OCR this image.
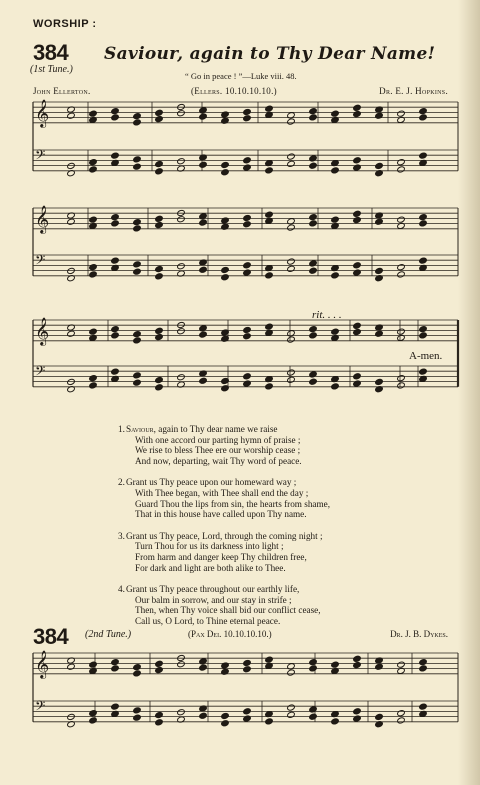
WORSHIP :
384 Saviour, again to Thy Dear Name!
(1st Tune.)
“ Go in peace ! ”—Luke viii. 48.
John Ellerton.	(Ellers. 10.10.10.10.)	Dr. E. J. Hopkins.
𝄞
𝄢
𝄞
𝄢
𝄞
𝄢
𝄞
𝄢
rit. . . .
A-men.
1. Saviour, again to Thy dear name we raise
With one accord our parting hymn of praise ;
We rise to bless Thee ere our worship cease ;
And now, departing, wait Thy word of peace.
2. Grant us Thy peace upon our homeward way ;
With Thee began, with Thee shall end the day ;
Guard Thou the lips from sin, the hearts from shame,
That in this house have called upon Thy name.
3. Grant us Thy peace, Lord, through the coming night ;
Turn Thou for us its darkness into light ;
From harm and danger keep Thy children free,
For dark and light are both alike to Thee.
4. Grant us Thy peace throughout our earthly life,
Our balm in sorrow, and our stay in strife ;
Then, when Thy voice shall bid our conflict cease,
Call us, O Lord, to Thine eternal peace.
384 (2nd Tune.)	(Pax Dei. 10.10.10.10.)	Dr. J. B. Dykes.
